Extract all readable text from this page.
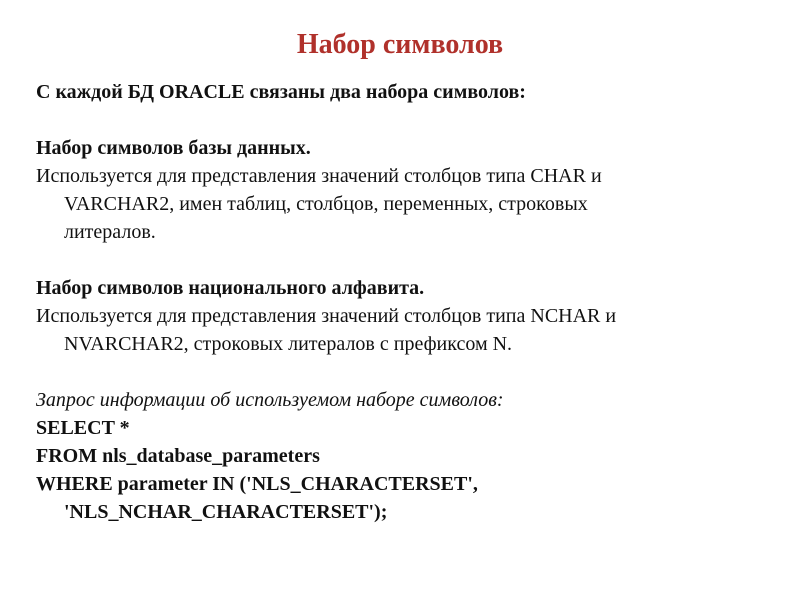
Набор символов
С каждой БД ORACLE связаны два набора символов:
Набор символов базы данных.
Используется для представления значений столбцов типа CHAR и
VARCHAR2, имен таблиц, столбцов, переменных, строковых
литералов.
Набор символов национального алфавита.
Используется для представления значений столбцов типа NCHAR и
NVARCHAR2, строковых литералов с префиксом N.
Запрос информации об используемом наборе символов:
SELECT *
FROM nls_database_parameters
WHERE parameter IN ('NLS_CHARACTERSET',
'NLS_NCHAR_CHARACTERSET');
